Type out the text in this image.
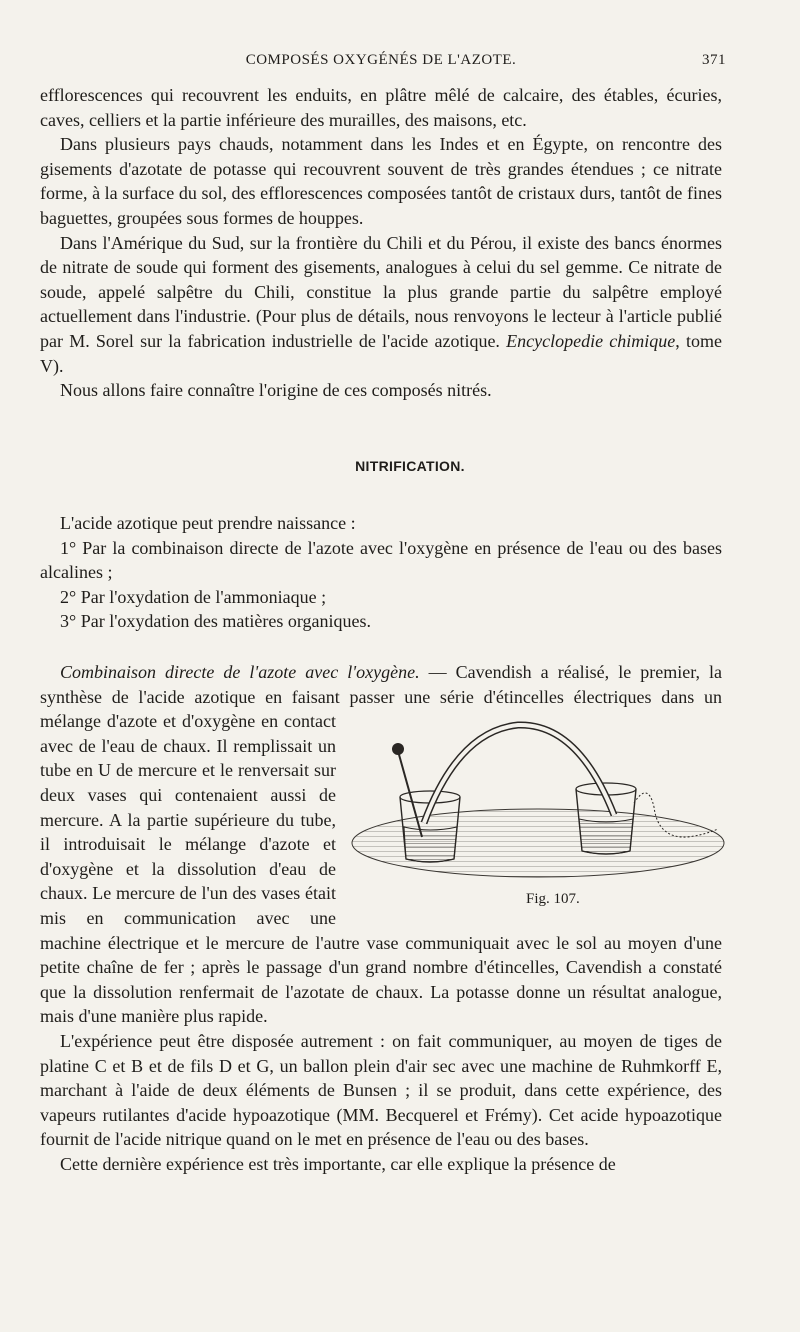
COMPOSÉS OXYGÉNÉS DE L'AZOTE.	371

efflorescences qui recouvrent les enduits, en plâtre mêlé de calcaire, des étables, écuries, caves, celliers et la partie inférieure des murailles, des maisons, etc.

Dans plusieurs pays chauds, notamment dans les Indes et en Égypte, on rencontre des gisements d'azotate de potasse qui recouvrent souvent de très grandes étendues ; ce nitrate forme, à la surface du sol, des efflorescences composées tantôt de cristaux durs, tantôt de fines baguettes, groupées sous formes de houppes.

Dans l'Amérique du Sud, sur la frontière du Chili et du Pérou, il existe des bancs énormes de nitrate de soude qui forment des gisements, analogues à celui du sel gemme. Ce nitrate de soude, appelé salpêtre du Chili, constitue la plus grande partie du salpêtre employé actuellement dans l'industrie. (Pour plus de détails, nous renvoyons le lecteur à l'article publié par M. Sorel sur la fabrication industrielle de l'acide azotique. Encyclopedie chimique, tome V).

Nous allons faire connaître l'origine de ces composés nitrés.

NITRIFICATION.

L'acide azotique peut prendre naissance :

1° Par la combinaison directe de l'azote avec l'oxygène en présence de l'eau ou des bases alcalines ;

2° Par l'oxydation de l'ammoniaque ;

3° Par l'oxydation des matières organiques.

Combinaison directe de l'azote avec l'oxygène. — Cavendish a réalisé, le premier, la synthèse de l'acide azotique en faisant passer une série d'étincelles
Fig. 107.
électriques dans un mélange d'azote et d'oxygène en contact avec de l'eau de chaux. Il remplissait un tube en U de mercure et le renversait sur deux vases qui contenaient aussi de mercure. A la partie supérieure du tube, il introduisait le mélange d'azote et d'oxygène et la dissolution d'eau de chaux. Le mercure de l'un des vases était mis en communication avec une machine électrique et le mercure de l'autre vase communiquait avec le sol au moyen d'une petite chaîne de fer ; après le passage d'un grand nombre d'étincelles, Cavendish a constaté que la dissolution renfermait de l'azotate de chaux. La potasse donne un résultat analogue, mais d'une manière plus rapide.

L'expérience peut être disposée autrement : on fait communiquer, au moyen de tiges de platine C et B et de fils D et G, un ballon plein d'air sec avec une machine de Ruhmkorff E, marchant à l'aide de deux éléments de Bunsen ; il se produit, dans cette expérience, des vapeurs rutilantes d'acide hypoazotique (MM. Becquerel et Frémy). Cet acide hypoazotique fournit de l'acide nitrique quand on le met en présence de l'eau ou des bases.

Cette dernière expérience est très importante, car elle explique la présence de
